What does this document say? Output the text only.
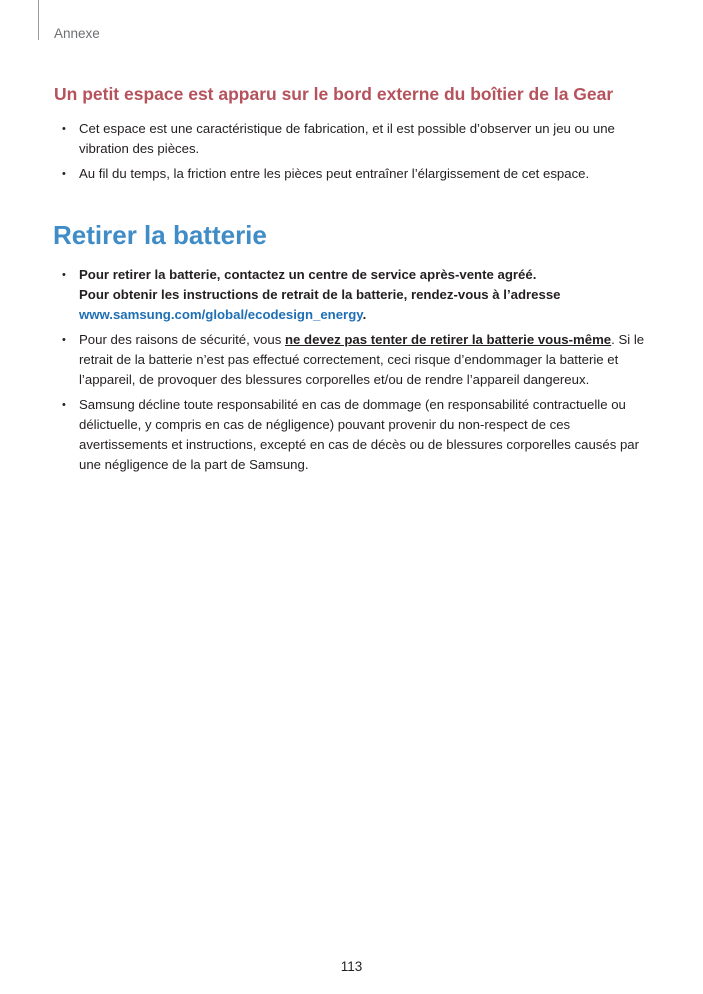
Annexe
Un petit espace est apparu sur le bord externe du boîtier de la Gear
• Cet espace est une caractéristique de fabrication, et il est possible d’observer un jeu ou une vibration des pièces.
• Au fil du temps, la friction entre les pièces peut entraîner l’élargissement de cet espace.
Retirer la batterie
• Pour retirer la batterie, contactez un centre de service après-vente agréé.
Pour obtenir les instructions de retrait de la batterie, rendez-vous à l’adresse
www.samsung.com/global/ecodesign_energy.
• Pour des raisons de sécurité, vous ne devez pas tenter de retirer la batterie vous-même. Si le retrait de la batterie n’est pas effectué correctement, ceci risque d’endommager la batterie et l’appareil, de provoquer des blessures corporelles et/ou de rendre l’appareil dangereux.
• Samsung décline toute responsabilité en cas de dommage (en responsabilité contractuelle ou délictuelle, y compris en cas de négligence) pouvant provenir du non-respect de ces avertissements et instructions, excepté en cas de décès ou de blessures corporelles causés par une négligence de la part de Samsung.
113
